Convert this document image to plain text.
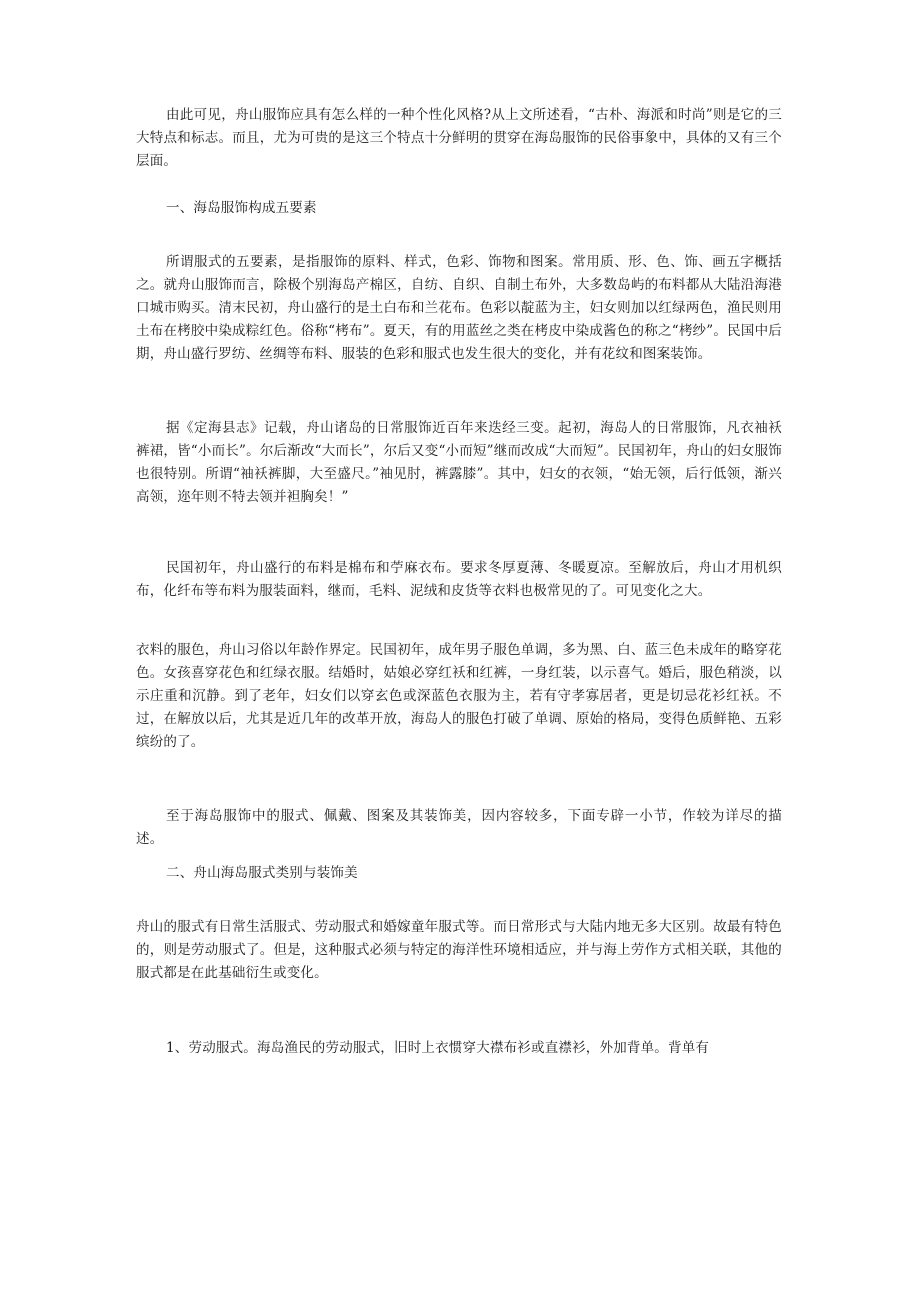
由此可见，舟山服饰应具有怎么样的一种个性化风格?从上文所述看，“古朴、海派和时尚”则是它的三大特点和标志。而且，尤为可贵的是这三个特点十分鲜明的贯穿在海岛服饰的民俗事象中，具体的又有三个层面。

一、海岛服饰构成五要素

所谓服式的五要素，是指服饰的原料、样式，色彩、饰物和图案。常用质、形、色、饰、画五字概括之。就舟山服饰而言，除极个别海岛产棉区，自纺、自织、自制土布外，大多数岛屿的布料都从大陆沿海港口城市购买。清末民初，舟山盛行的是土白布和兰花布。色彩以靛蓝为主，妇女则加以红绿两色，渔民则用土布在栲胶中染成粽红色。俗称“栲布”。夏天，有的用蓝丝之类在栲皮中染成酱色的称之“栲纱”。民国中后期，舟山盛行罗纺、丝绸等布料、服装的色彩和服式也发生很大的变化，并有花纹和图案装饰。

据《定海县志》记载，舟山诸岛的日常服饰近百年来迭经三变。起初，海岛人的日常服饰，凡衣袖袄裤裙，皆“小而长”。尔后渐改“大而长”，尔后又变“小而短”继而改成“大而短”。民国初年，舟山的妇女服饰也很特别。所谓“袖袄裤脚，大至盛尺。”袖见肘，裤露膝”。其中，妇女的衣领，“始无领，后行低领，渐兴高领，迩年则不特去领并袒胸矣！”

民国初年，舟山盛行的布料是棉布和苧麻衣布。要求冬厚夏薄、冬暖夏凉。至解放后，舟山才用机织布，化纤布等布料为服装面料，继而，毛料、泥绒和皮货等衣料也极常见的了。可见变化之大。

衣料的服色，舟山习俗以年龄作界定。民国初年，成年男子服色单调，多为黑、白、蓝三色未成年的略穿花色。女孩喜穿花色和红绿衣服。结婚时，姑娘必穿红袄和红裤，一身红装，以示喜气。婚后，服色稍淡，以示庄重和沉静。到了老年，妇女们以穿玄色或深蓝色衣服为主，若有守孝寡居者，更是切忌花衫红袄。不过，在解放以后，尤其是近几年的改革开放，海岛人的服色打破了单调、原始的格局，变得色质鲜艳、五彩缤纷的了。

至于海岛服饰中的服式、佩戴、图案及其装饰美，因内容较多，下面专辟一小节，作较为详尽的描述。

二、舟山海岛服式类别与装饰美

舟山的服式有日常生活服式、劳动服式和婚嫁童年服式等。而日常形式与大陆内地无多大区别。故最有特色的，则是劳动服式了。但是，这种服式必须与特定的海洋性环境相适应，并与海上劳作方式相关联，其他的服式都是在此基础衍生或变化。

1、劳动服式。海岛渔民的劳动服式，旧时上衣惯穿大襟布衫或直襟衫，外加背单。背单有
